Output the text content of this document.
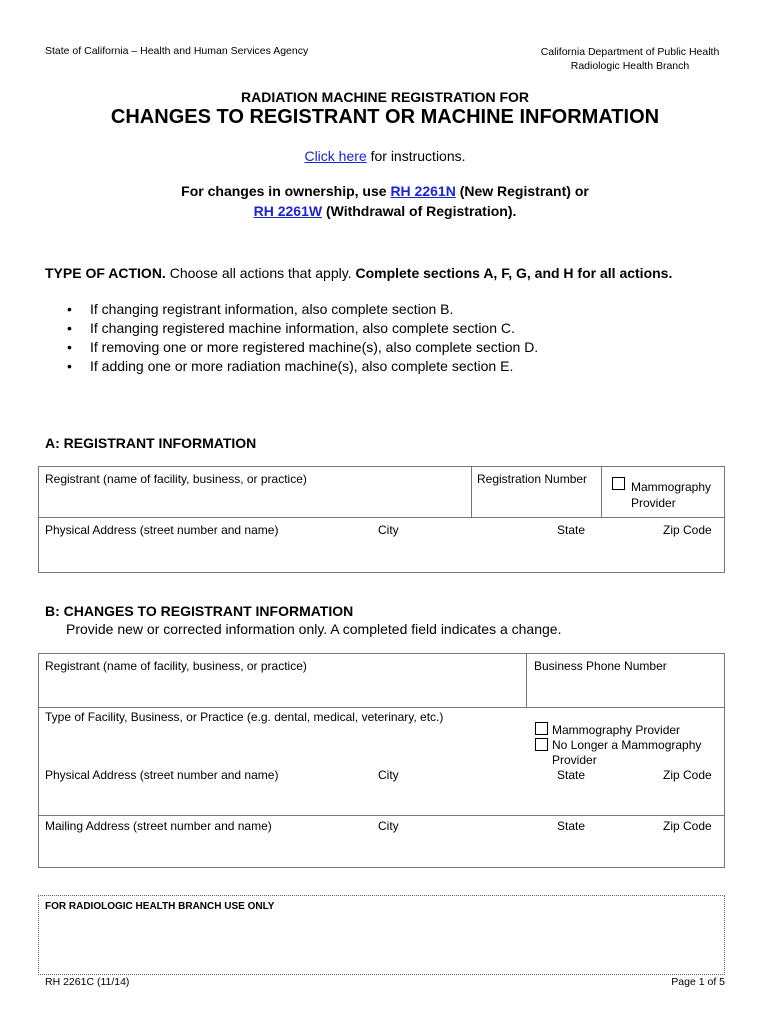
State of California – Health and Human Services Agency	California Department of Public Health
Radiologic Health Branch
RADIATION MACHINE REGISTRATION FOR
CHANGES TO REGISTRANT OR MACHINE INFORMATION
Click here for instructions.
For changes in ownership, use RH 2261N (New Registrant) or
RH 2261W (Withdrawal of Registration).
TYPE OF ACTION. Choose all actions that apply. Complete sections A, F, G, and H for all actions.
• If changing registrant information, also complete section B.
• If changing registered machine information, also complete section C.
• If removing one or more registered machine(s), also complete section D.
• If adding one or more radiation machine(s), also complete section E.
A: REGISTRANT INFORMATION
Registrant (name of facility, business, or practice)	Registration Number
Mammography Provider
Physical Address (street number and name)	City	State	Zip Code
B: CHANGES TO REGISTRANT INFORMATION
Provide new or corrected information only. A completed field indicates a change.
Registrant (name of facility, business, or practice)	Business Phone Number
Type of Facility, Business, or Practice (e.g. dental, medical, veterinary, etc.)
Mammography Provider
No Longer a Mammography Provider
Physical Address (street number and name)	City	State	Zip Code
Mailing Address (street number and name)	City	State	Zip Code
FOR RADIOLOGIC HEALTH BRANCH USE ONLY
RH 2261C (11/14)	Page 1 of 5
